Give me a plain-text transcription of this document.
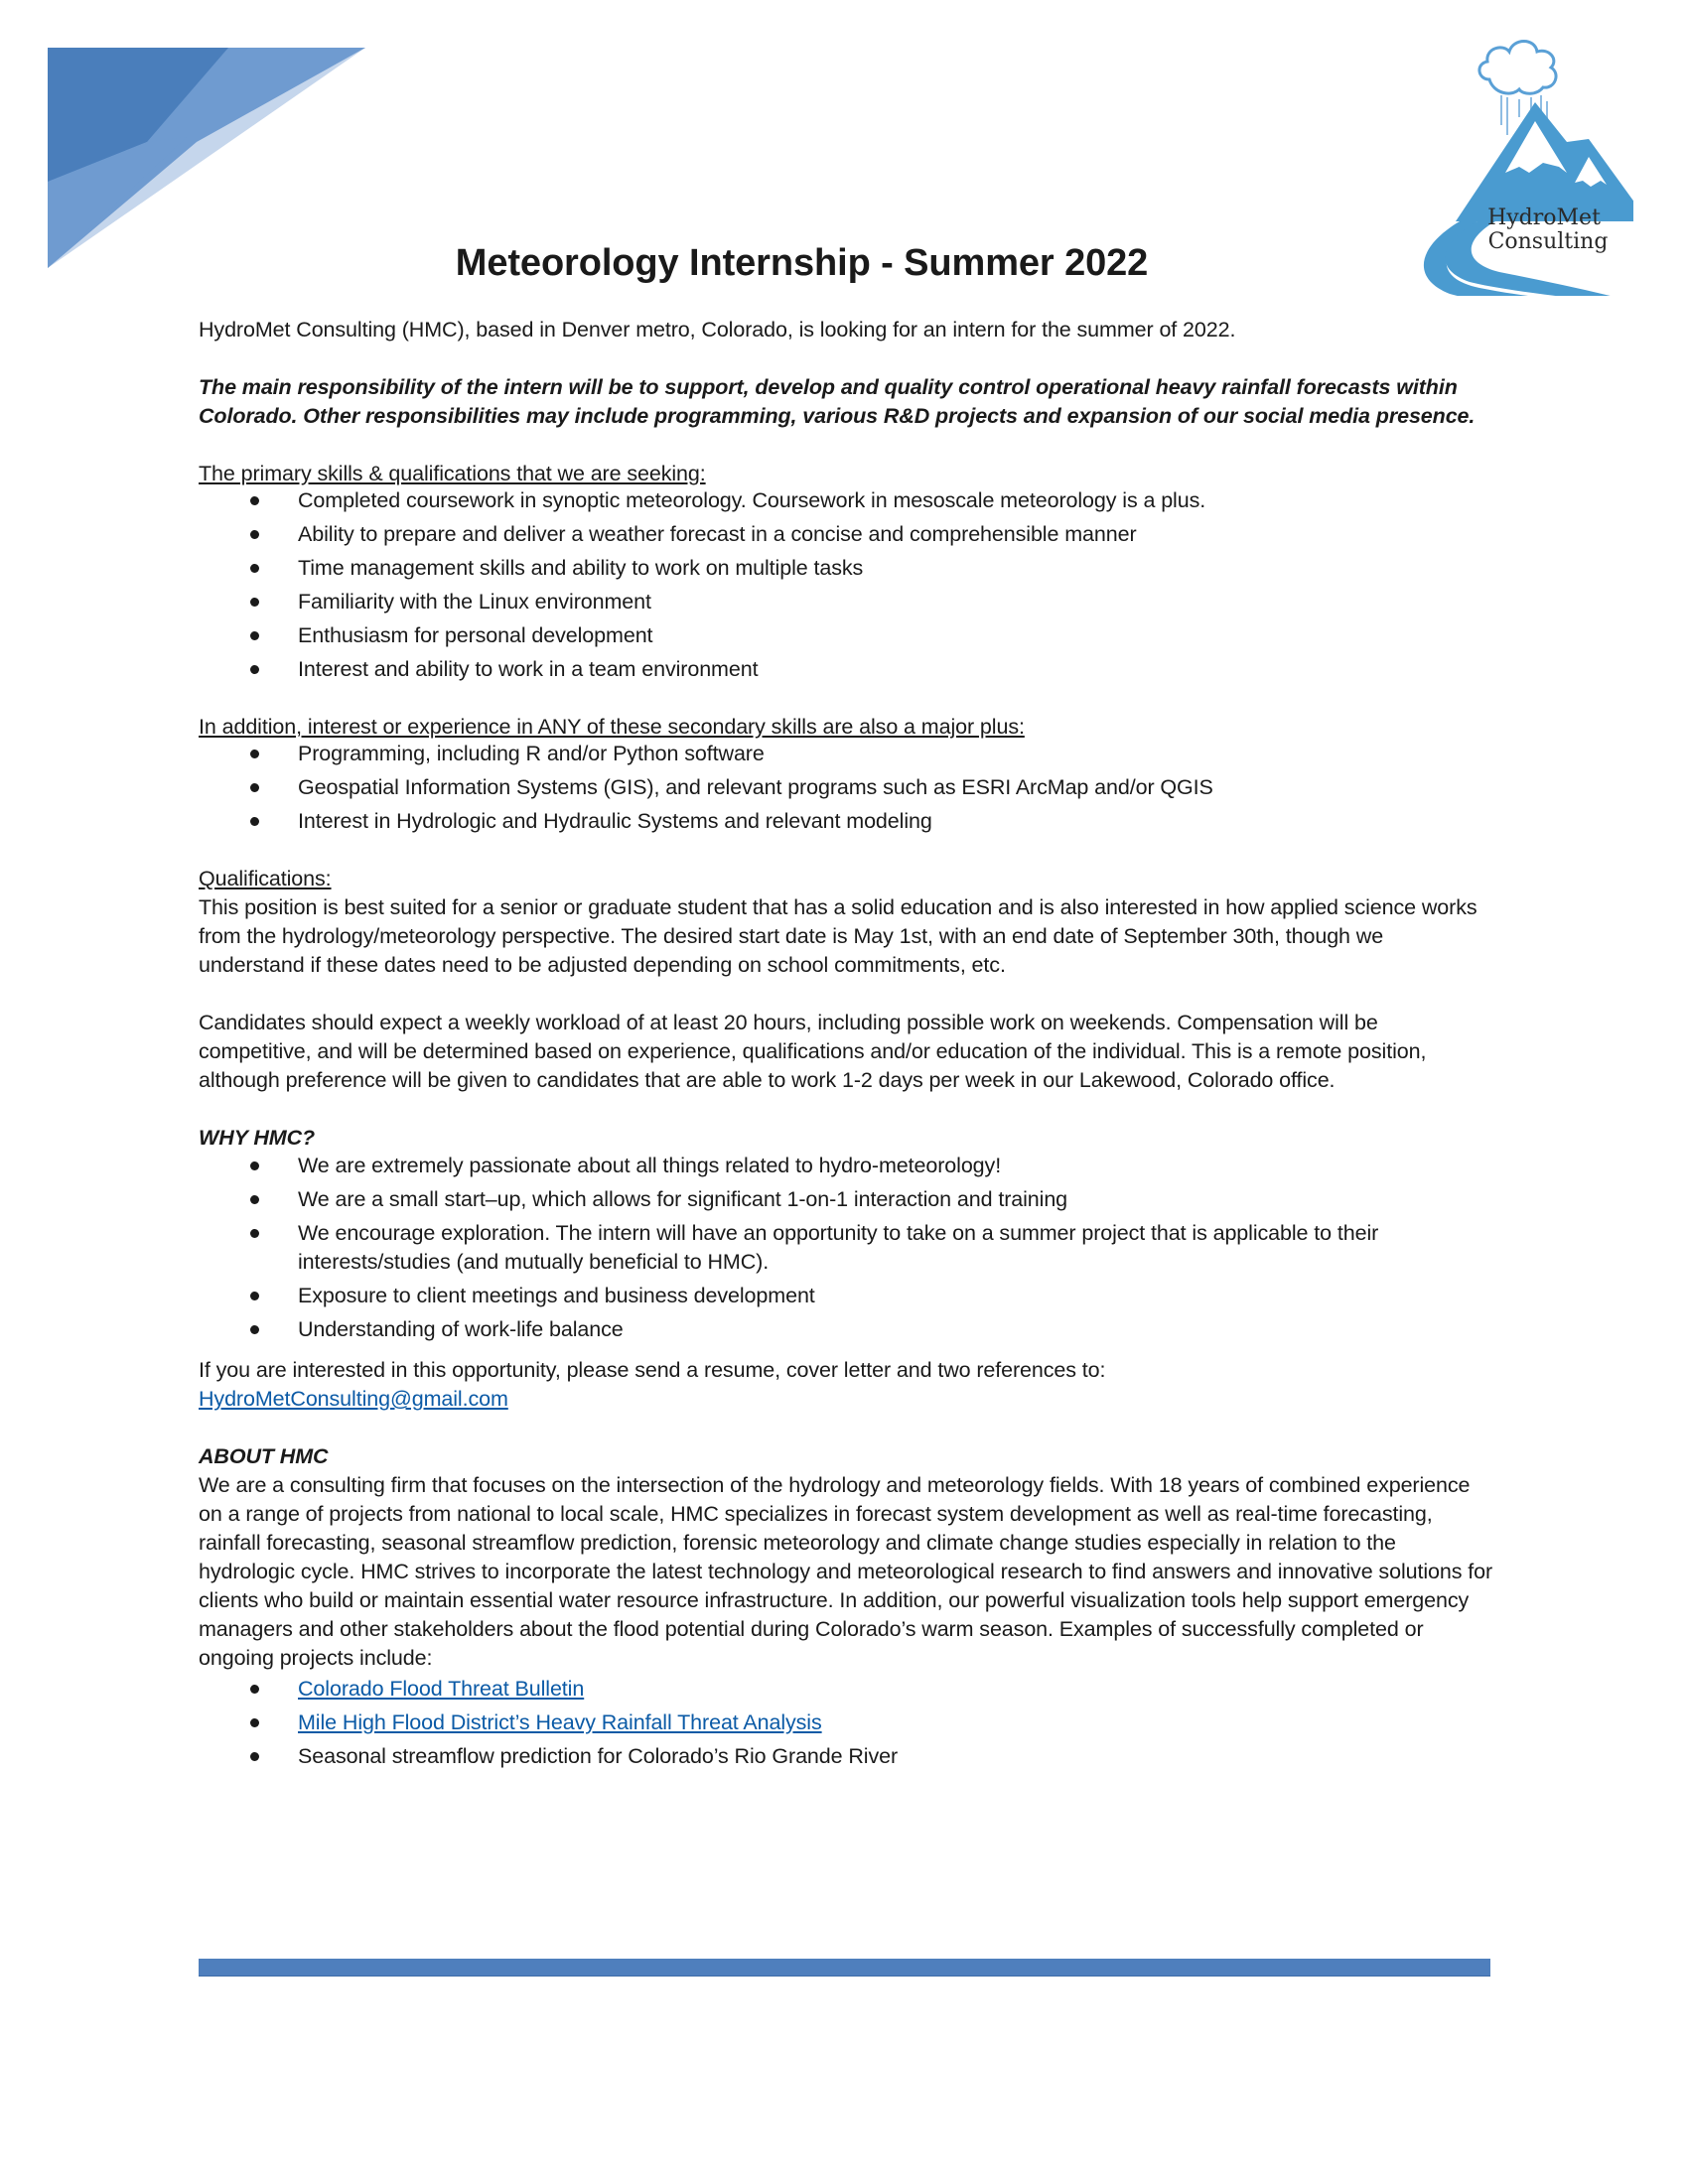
HydroMet
Consulting
Meteorology Internship - Summer 2022

HydroMet Consulting (HMC), based in Denver metro, Colorado, is looking for an intern for the summer of 2022.

The main responsibility of the intern will be to support, develop and quality control operational heavy rainfall forecasts within Colorado. Other responsibilities may include programming, various R&D projects and expansion of our social media presence.

The primary skills & qualifications that we are seeking:

Completed coursework in synoptic meteorology. Coursework in mesoscale meteorology is a plus.
Ability to prepare and deliver a weather forecast in a concise and comprehensible manner
Time management skills and ability to work on multiple tasks
Familiarity with the Linux environment
Enthusiasm for personal development
Interest and ability to work in a team environment

In addition, interest or experience in ANY of these secondary skills are also a major plus:

Programming, including R and/or Python software
Geospatial Information Systems (GIS), and relevant programs such as ESRI ArcMap and/or QGIS
Interest in Hydrologic and Hydraulic Systems and relevant modeling

Qualifications:

This position is best suited for a senior or graduate student that has a solid education and is also interested in how applied science works from the hydrology/meteorology perspective. The desired start date is May 1st, with an end date of September 30th, though we understand if these dates need to be adjusted depending on school commitments, etc.

Candidates should expect a weekly workload of at least 20 hours, including possible work on weekends. Compensation will be competitive, and will be determined based on experience, qualifications and/or education of the individual. This is a remote position, although preference will be given to candidates that are able to work 1-2 days per week in our Lakewood, Colorado office.

WHY HMC?

We are extremely passionate about all things related to hydro-meteorology!
We are a small start–up, which allows for significant 1-on-1 interaction and training
We encourage exploration. The intern will have an opportunity to take on a summer project that is applicable to their interests/studies (and mutually beneficial to HMC).
Exposure to client meetings and business development
Understanding of work-life balance

If you are interested in this opportunity, please send a resume, cover letter and two references to:

HydroMetConsulting@gmail.com

ABOUT HMC

We are a consulting firm that focuses on the intersection of the hydrology and meteorology fields. With 18 years of combined experience on a range of projects from national to local scale, HMC specializes in forecast system development as well as real-time forecasting, rainfall forecasting, seasonal streamflow prediction, forensic meteorology and climate change studies especially in relation to the hydrologic cycle. HMC strives to incorporate the latest technology and meteorological research to find answers and innovative solutions for clients who build or maintain essential water resource infrastructure. In addition, our powerful visualization tools help support emergency managers and other stakeholders about the flood potential during Colorado’s warm season. Examples of successfully completed or ongoing projects include:

Colorado Flood Threat Bulletin
Mile High Flood District’s Heavy Rainfall Threat Analysis
Seasonal streamflow prediction for Colorado’s Rio Grande River
